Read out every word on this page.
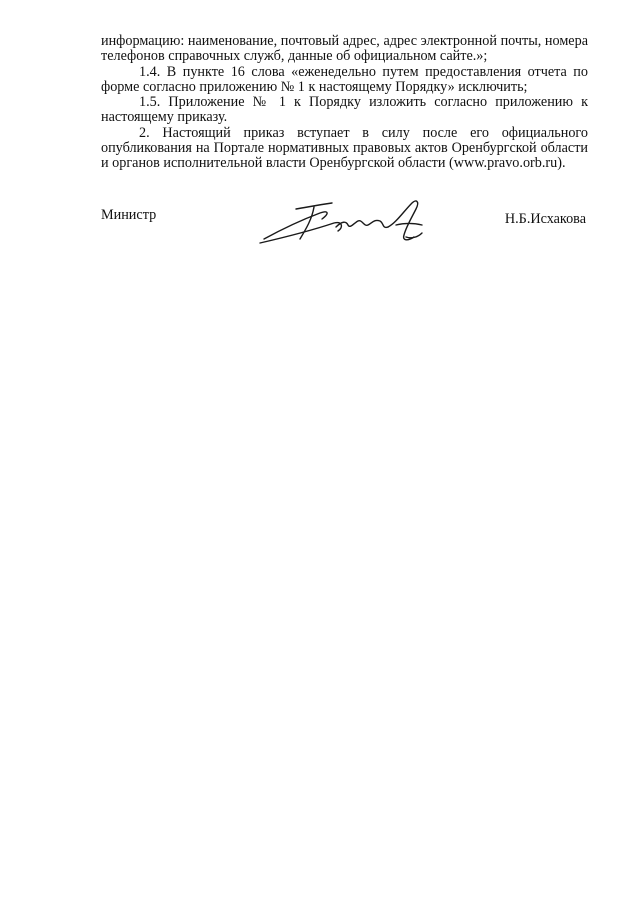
информацию: наименование, почтовый адрес, адрес электронной почты, номера телефонов справочных служб, данные об официальном сайте.»;

1.4. В пункте 16 слова «еженедельно путем предоставления отчета по форме согласно приложению № 1 к настоящему Порядку» исключить;

1.5. Приложение № 1 к Порядку изложить согласно приложению к настоящему приказу.

2. Настоящий приказ вступает в силу после его официального опубликования на Портале нормативных правовых актов Оренбургской области и органов исполнительной власти Оренбургской области (www.pravo.orb.ru).

Министр	Н.Б.Исхакова
